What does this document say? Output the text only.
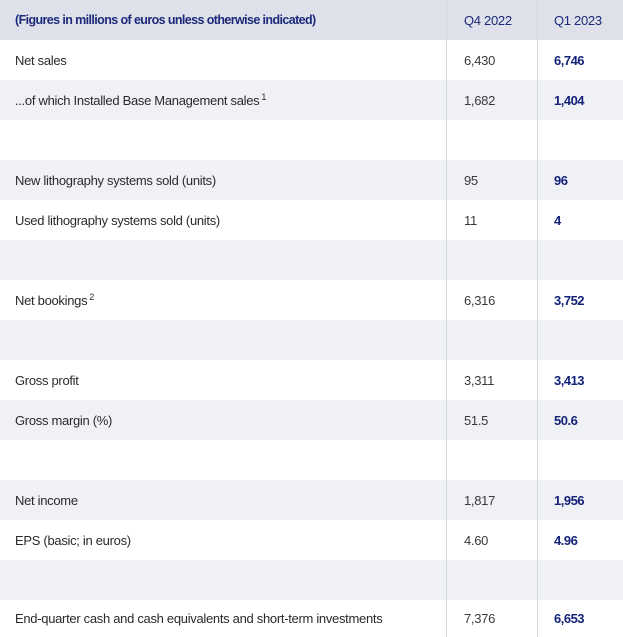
(Figures in millions of euros unless otherwise indicated)	Q4 2022	Q1 2023
Net sales	6,430	6,746
...of which Installed Base Management sales$^1$	1,682	1,404
New lithography systems sold (units)	95	96
Used lithography systems sold (units)	11	4
Net bookings$^2$	6,316	3,752
Gross profit	3,311	3,413
Gross margin (%)	51.5	50.6
Net income	1,817	1,956
EPS (basic; in euros)	4.60	4.96
End-quarter cash and cash equivalents and short-term investments	7,376	6,653
